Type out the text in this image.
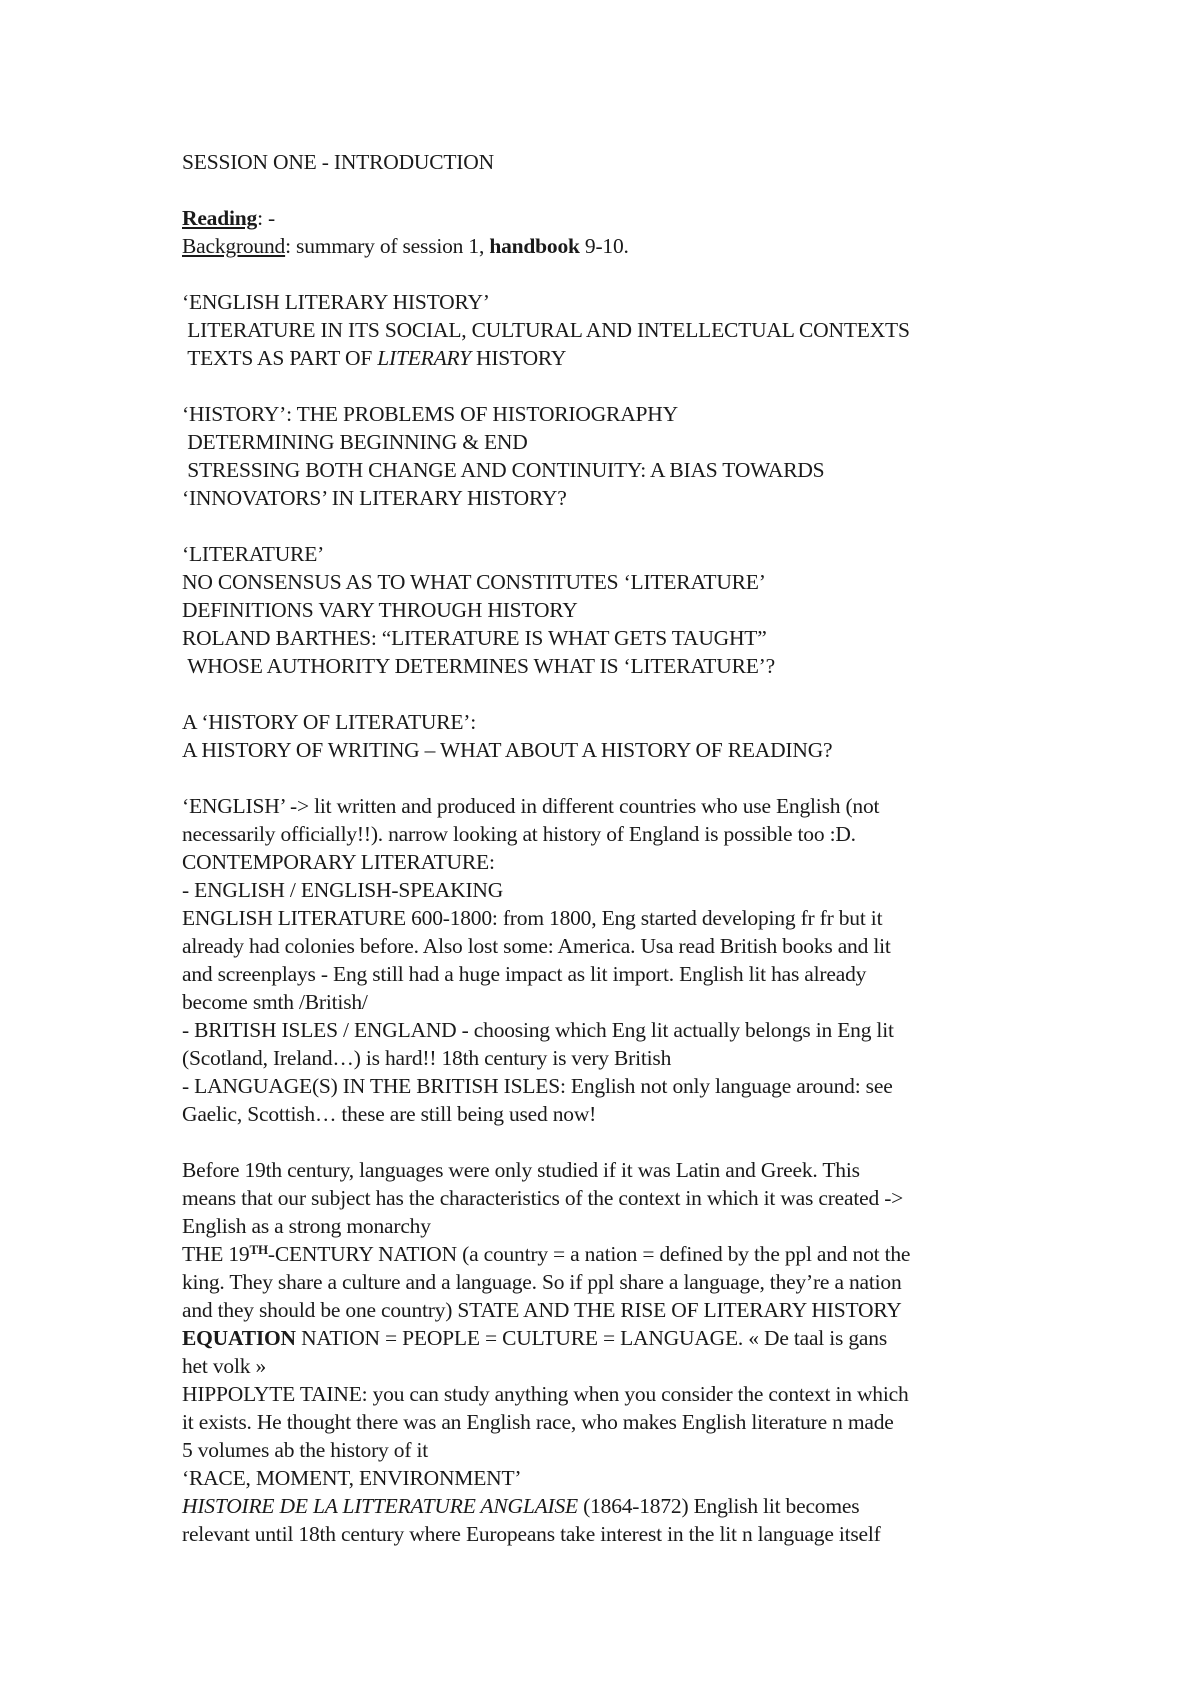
SESSION ONE - INTRODUCTION
Reading: -
Background: summary of session 1, handbook 9-10.
‘ENGLISH LITERARY HISTORY’
LITERATURE IN ITS SOCIAL, CULTURAL AND INTELLECTUAL CONTEXTS
TEXTS AS PART OF LITERARY HISTORY
‘HISTORY’: THE PROBLEMS OF HISTORIOGRAPHY
DETERMINING BEGINNING & END
STRESSING BOTH CHANGE AND CONTINUITY: A BIAS TOWARDS
‘INNOVATORS’ IN LITERARY HISTORY?
‘LITERATURE’
NO CONSENSUS AS TO WHAT CONSTITUTES ‘LITERATURE’
DEFINITIONS VARY THROUGH HISTORY
ROLAND BARTHES: “LITERATURE IS WHAT GETS TAUGHT”
WHOSE AUTHORITY DETERMINES WHAT IS ‘LITERATURE’?
A ‘HISTORY OF LITERATURE’:
A HISTORY OF WRITING – WHAT ABOUT A HISTORY OF READING?
‘ENGLISH’ -> lit written and produced in different countries who use English (not
necessarily officially!!). narrow looking at history of England is possible too :D.
CONTEMPORARY LITERATURE:
- ENGLISH / ENGLISH-SPEAKING
ENGLISH LITERATURE 600-1800: from 1800, Eng started developing fr fr but it
already had colonies before. Also lost some: America. Usa read British books and lit
and screenplays - Eng still had a huge impact as lit import. English lit has already
become smth /British/
- BRITISH ISLES / ENGLAND - choosing which Eng lit actually belongs in Eng lit
(Scotland, Ireland…) is hard!! 18th century is very British
- LANGUAGE(S) IN THE BRITISH ISLES: English not only language around: see
Gaelic, Scottish… these are still being used now!
Before 19th century, languages were only studied if it was Latin and Greek. This
means that our subject has the characteristics of the context in which it was created ->
English as a strong monarchy
THE 19TH-CENTURY NATION (a country = a nation = defined by the ppl and not the
king. They share a culture and a language. So if ppl share a language, they’re a nation
and they should be one country) STATE AND THE RISE OF LITERARY HISTORY
EQUATION NATION = PEOPLE = CULTURE = LANGUAGE. « De taal is gans
het volk »
HIPPOLYTE TAINE: you can study anything when you consider the context in which
it exists. He thought there was an English race, who makes English literature n made
5 volumes ab the history of it
‘RACE, MOMENT, ENVIRONMENT’
HISTOIRE DE LA LITTERATURE ANGLAISE (1864-1872) English lit becomes
relevant until 18th century where Europeans take interest in the lit n language itself
